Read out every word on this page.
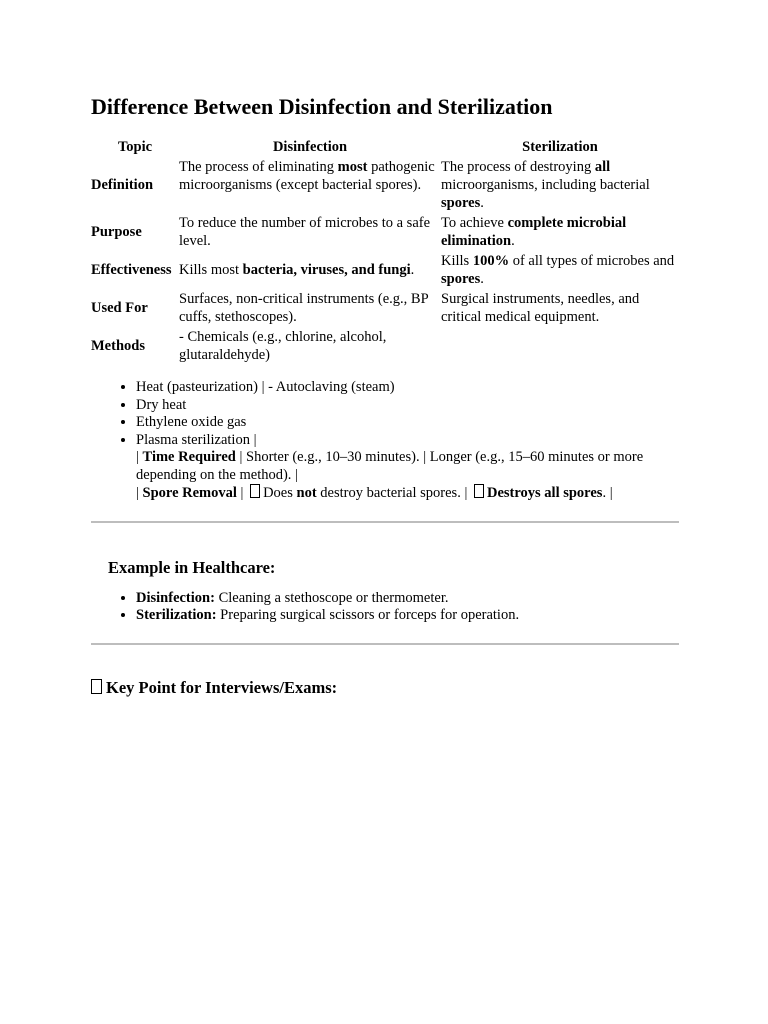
Difference Between Disinfection and Sterilization
Topic	Disinfection	Sterilization
Definition	The process of eliminating most pathogenic microorganisms (except bacterial spores).	The process of destroying all microorganisms, including bacterial spores.
Purpose	To reduce the number of microbes to a safe level.	To achieve complete microbial elimination.
Effectiveness	Kills most bacteria, viruses, and fungi.	Kills 100% of all types of microbes and spores.
Used For	Surfaces, non-critical instruments (e.g., BP cuffs, stethoscopes).	Surgical instruments, needles, and critical medical equipment.
Methods	- Chemicals (e.g., chlorine, alcohol, glutaraldehyde)	
• Heat (pasteurization) | - Autoclaving (steam)
• Dry heat
• Ethylene oxide gas
• Plasma sterilization |
| Time Required | Shorter (e.g., 10–30 minutes). | Longer (e.g., 15–60 minutes or more depending on the method). |
| Spore Removal | Does not destroy bacterial spores. | Destroys all spores. |
Example in Healthcare:
• Disinfection: Cleaning a stethoscope or thermometer.
• Sterilization: Preparing surgical scissors or forceps for operation.
Key Point for Interviews/Exams:
